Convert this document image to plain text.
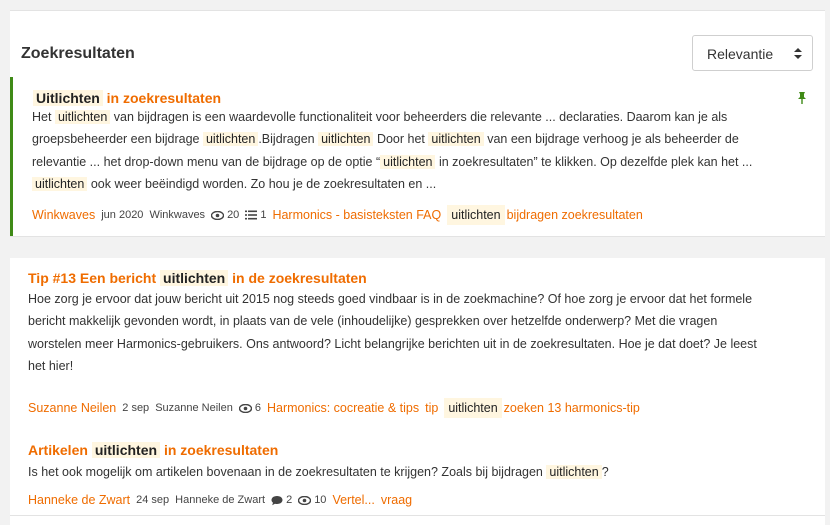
Zoekresultaten	Relevantie
Uitlichten in zoekresultaten
Het uitlichten van bijdragen is een waardevolle functionaliteit voor beheerders die relevante ... declaraties. Daarom kan je als
groepsbeheerder een bijdrage uitlichten .Bijdragen uitlichten Door het uitlichten van een bijdrage verhoog je als beheerder de
relevantie ... het drop-down menu van de bijdrage op de optie “ uitlichten in zoekresultaten” te klikken. Op dezelfde plek kan het ...
uitlichten ook weer beëindigd worden. Zo hou je de zoekresultaten en ...
Winkwaves jun 2020 Winkwaves 20 1 Harmonics - basisteksten FAQ uitlichten bijdragen zoekresultaten
Tip #13 Een bericht uitlichten in de zoekresultaten
Hoe zorg je ervoor dat jouw bericht uit 2015 nog steeds goed vindbaar is in de zoekmachine? Of hoe zorg je ervoor dat het formele
bericht makkelijk gevonden wordt, in plaats van de vele (inhoudelijke) gesprekken over hetzelfde onderwerp? Met die vragen
worstelen meer Harmonics-gebruikers. Ons antwoord? Licht belangrijke berichten uit in de zoekresultaten. Hoe je dat doet? Je leest
het hier!
Suzanne Neilen 2 sep Suzanne Neilen 6 Harmonics: cocreatie & tips tip uitlichten zoeken 13 harmonics-tip
Artikelen uitlichten in zoekresultaten
Is het ook mogelijk om artikelen bovenaan in de zoekresultaten te krijgen? Zoals bij bijdragen uitlichten ?
Hanneke de Zwart 24 sep Hanneke de Zwart 2 10 Vertel... vraag
